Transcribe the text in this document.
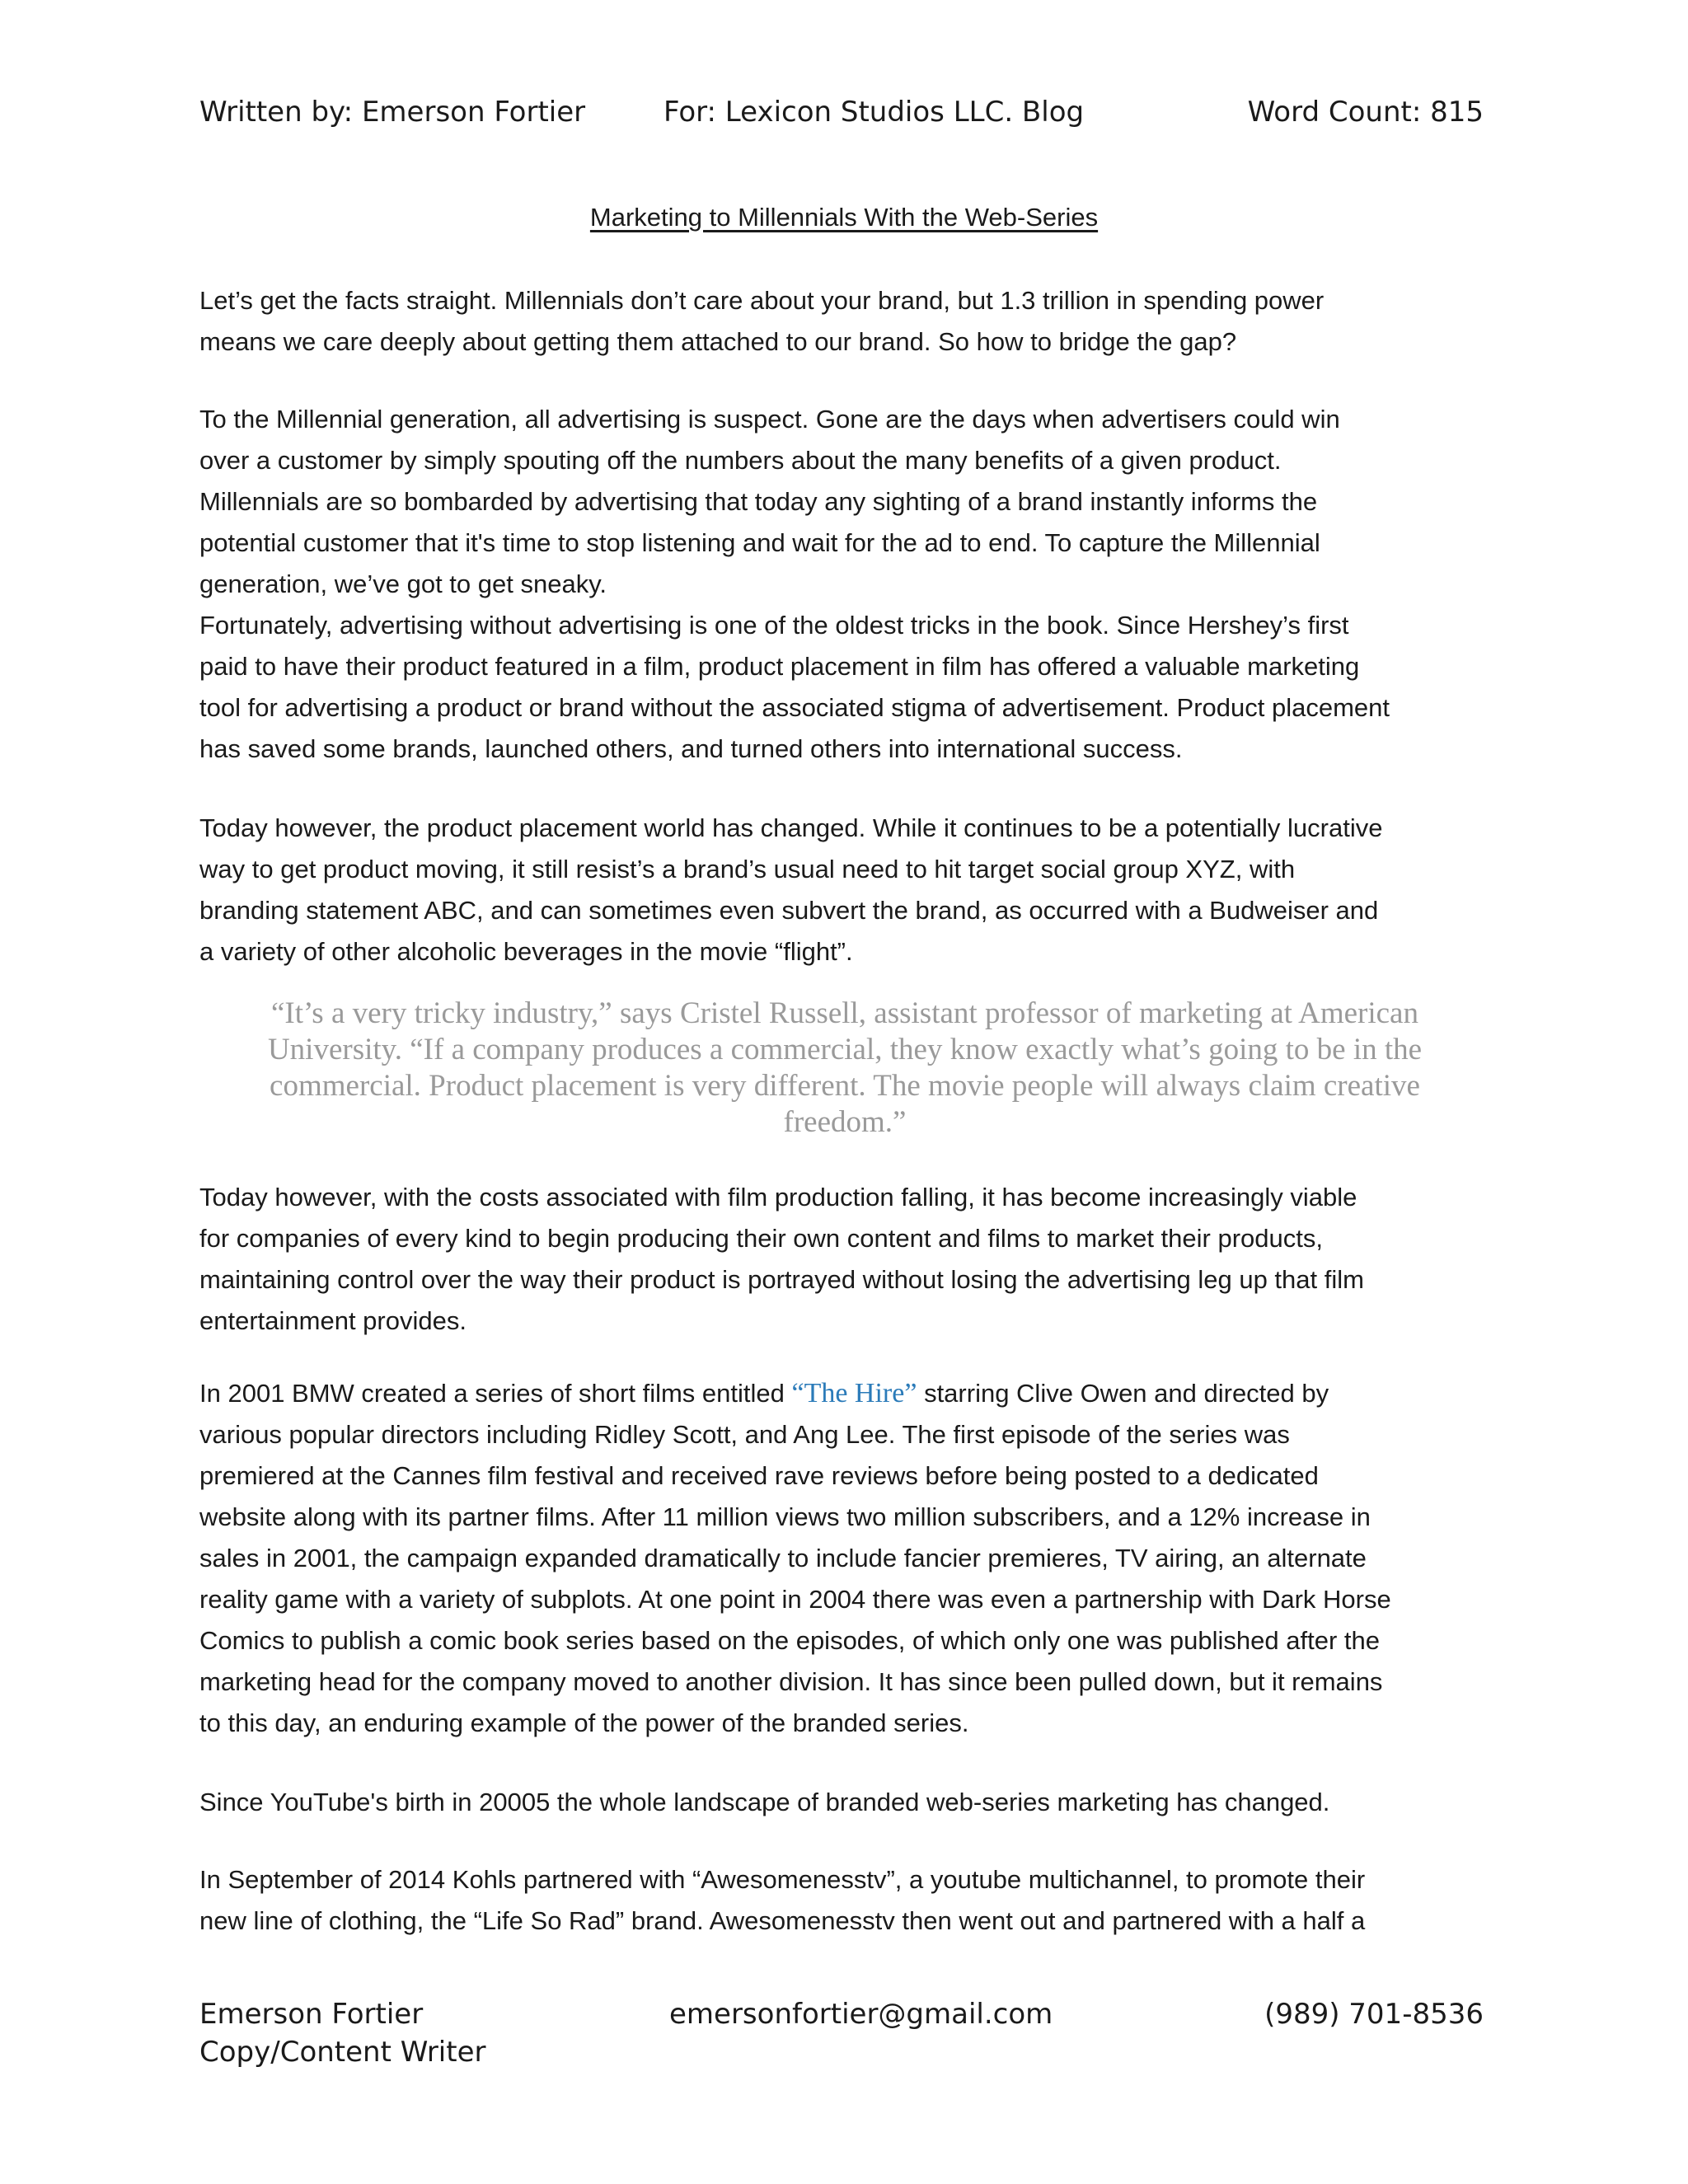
Written by: Emerson Fortier	For: Lexicon Studios LLC. Blog	Word Count: 815
Marketing to Millennials With the Web-Series
Let’s get the facts straight. Millennials don’t care about your brand, but 1.3 trillion in spending power
means we care deeply about getting them attached to our brand. So how to bridge the gap?
To the Millennial generation, all advertising is suspect. Gone are the days when advertisers could win
over a customer by simply spouting off the numbers about the many benefits of a given product.
Millennials are so bombarded by advertising that today any sighting of a brand instantly informs the
potential customer that it's time to stop listening and wait for the ad to end. To capture the Millennial
generation, we’ve got to get sneaky.
Fortunately, advertising without advertising is one of the oldest tricks in the book. Since Hershey’s first
paid to have their product featured in a film, product placement in film has offered a valuable marketing
tool for advertising a product or brand without the associated stigma of advertisement. Product placement
has saved some brands, launched others, and turned others into international success.
Today however, the product placement world has changed. While it continues to be a potentially lucrative
way to get product moving, it still resist’s a brand’s usual need to hit target social group XYZ, with
branding statement ABC, and can sometimes even subvert the brand, as occurred with a Budweiser and
a variety of other alcoholic beverages in the movie “flight”.
“It’s a very tricky industry,” says Cristel Russell, assistant professor of marketing at American
University. “If a company produces a commercial, they know exactly what’s going to be in the
commercial. Product placement is very different. The movie people will always claim creative
freedom.”
Today however, with the costs associated with film production falling, it has become increasingly viable
for companies of every kind to begin producing their own content and films to market their products,
maintaining control over the way their product is portrayed without losing the advertising leg up that film
entertainment provides.
In 2001 BMW created a series of short films entitled “The Hire” starring Clive Owen and directed by
various popular directors including Ridley Scott, and Ang Lee. The first episode of the series was
premiered at the Cannes film festival and received rave reviews before being posted to a dedicated
website along with its partner films. After 11 million views two million subscribers, and a 12% increase in
sales in 2001, the campaign expanded dramatically to include fancier premieres, TV airing, an alternate
reality game with a variety of subplots. At one point in 2004 there was even a partnership with Dark Horse
Comics to publish a comic book series based on the episodes, of which only one was published after the
marketing head for the company moved to another division. It has since been pulled down, but it remains
to this day, an enduring example of the power of the branded series.
Since YouTube's birth in 20005 the whole landscape of branded web-series marketing has changed.
In September of 2014 Kohls partnered with “Awesomenesstv”, a youtube multichannel, to promote their
new line of clothing, the “Life So Rad” brand. Awesomenesstv then went out and partnered with a half a
Emerson Fortier
Copy/Content Writer
emersonfortier@gmail.com	(989) 701-8536
